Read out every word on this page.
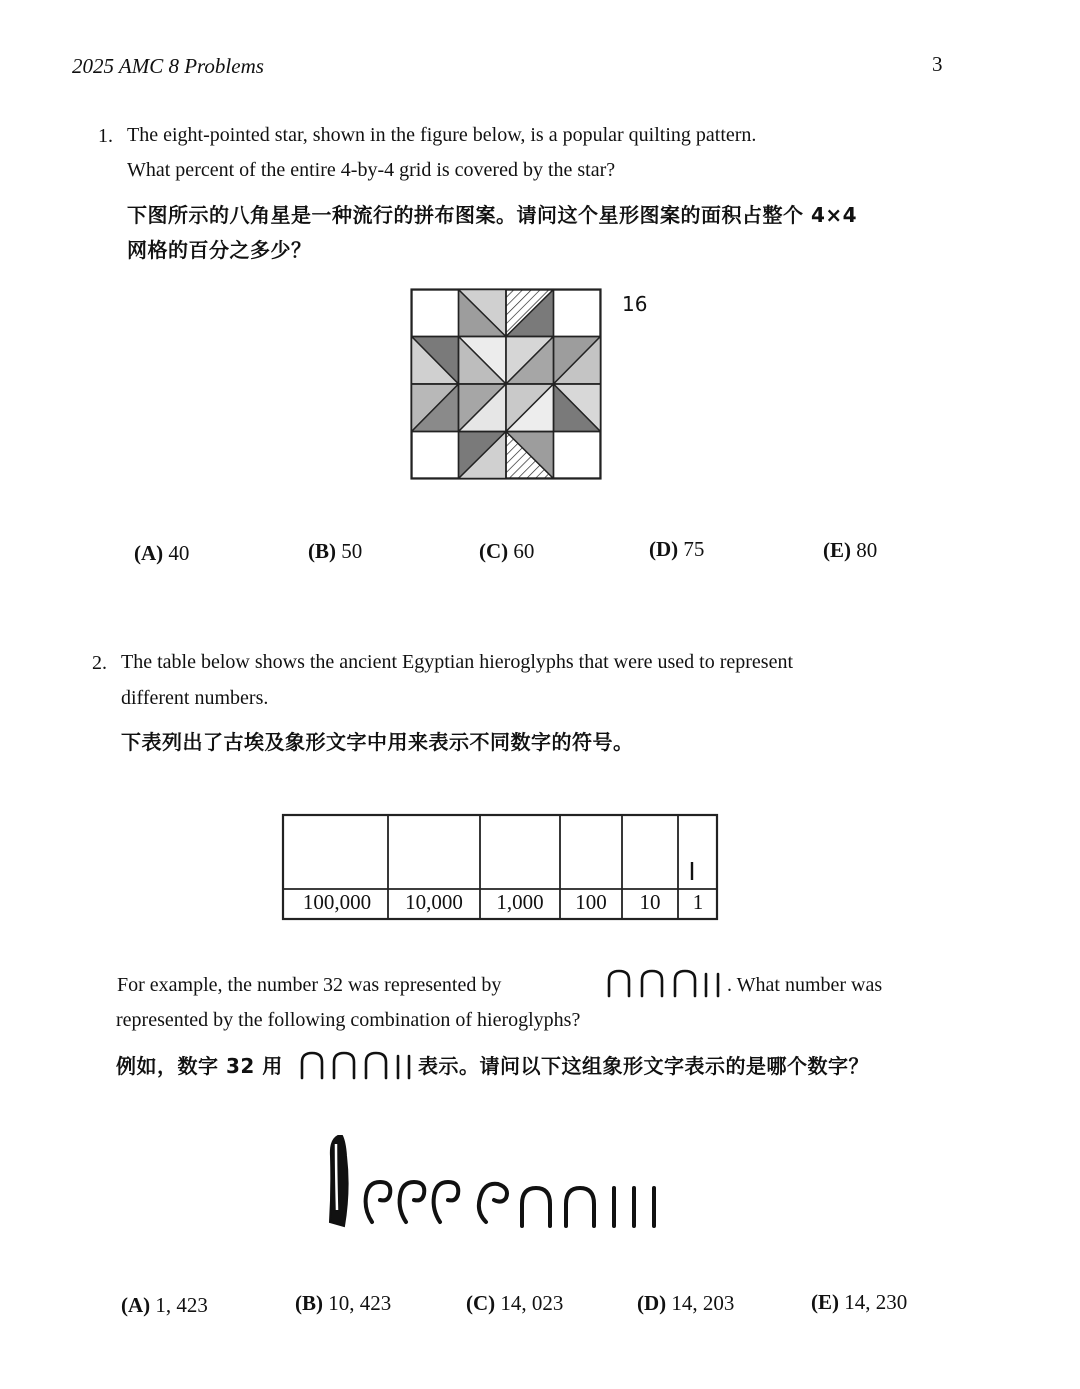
2025 AMC 8 Problems	3
1. The eight-pointed star, shown in the figure below, is a popular quilting pattern.
What percent of the entire 4-by-4 grid is covered by the star?
下图所示的八角星是一种流行的拼布图案。请问这个星形图案的面积占整个 4×4
网格的百分之多少？
16
(A) 40	(B) 50	(C) 60	(D) 75	(E) 80
2. The table below shows the ancient Egyptian hieroglyphs that were used to represent
different numbers.
下表列出了古埃及象形文字中用来表示不同数字的符号。
100,000	10,000	1,000	100	10	1
For example, the number 32 was represented by	. What number was
represented by the following combination of hieroglyphs?
例如，数字 32 用	表示。请问以下这组象形文字表示的是哪个数字？
(A) 1, 423	(B) 10, 423	(C) 14, 023	(D) 14, 203	(E) 14, 230
